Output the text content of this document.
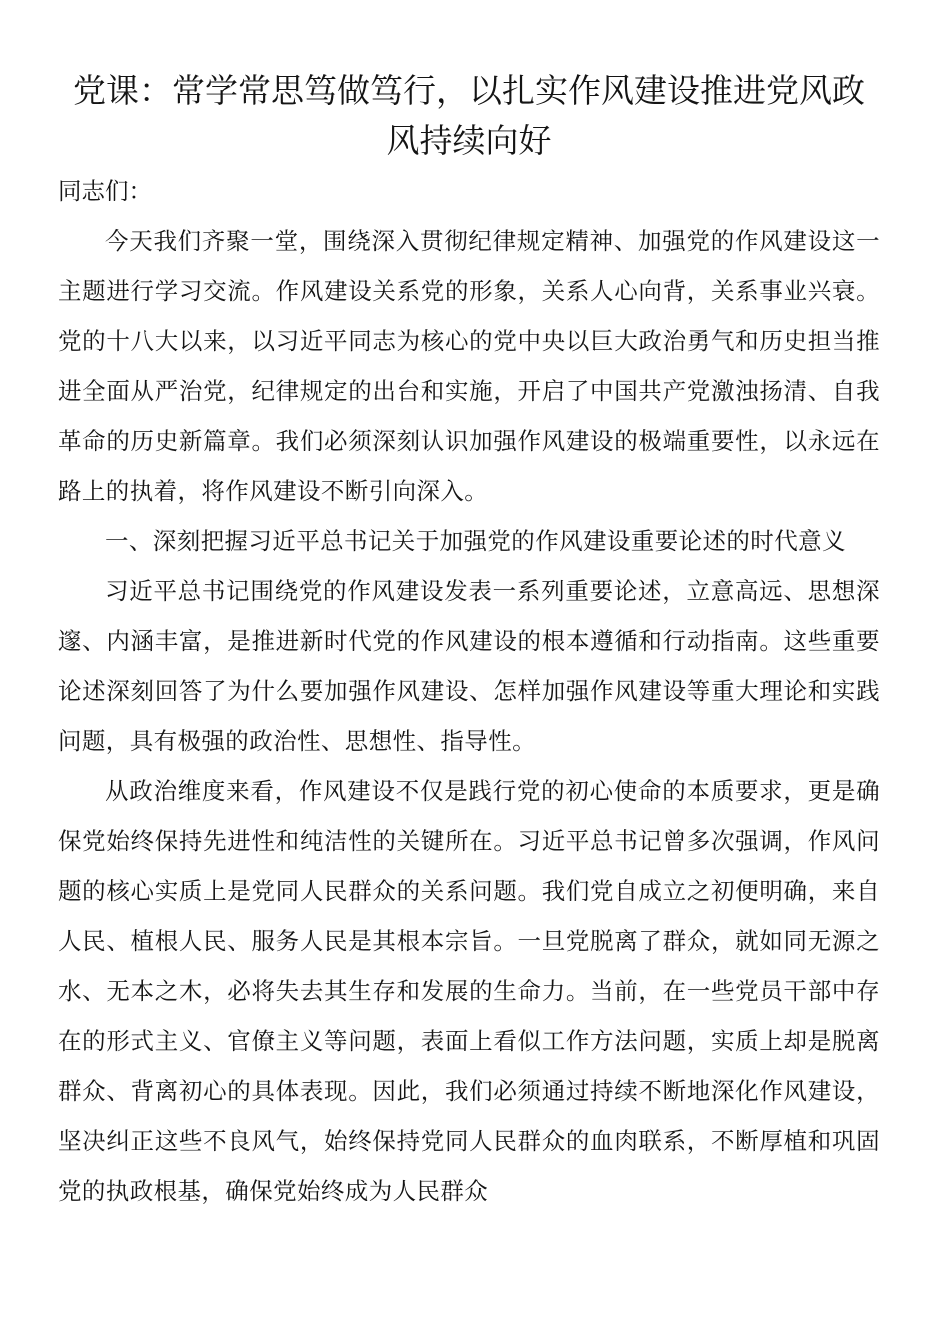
党课：常学常思笃做笃行，以扎实作风建设推进党风政风持续向好

同志们：

今天我们齐聚一堂，围绕深入贯彻纪律规定精神、加强党的作风建设这一主题进行学习交流。作风建设关系党的形象，关系人心向背，关系事业兴衰。党的十八大以来，以习近平同志为核心的党中央以巨大政治勇气和历史担当推进全面从严治党，纪律规定的出台和实施，开启了中国共产党激浊扬清、自我革命的历史新篇章。我们必须深刻认识加强作风建设的极端重要性，以永远在路上的执着，将作风建设不断引向深入。

一、深刻把握习近平总书记关于加强党的作风建设重要论述的时代意义

习近平总书记围绕党的作风建设发表一系列重要论述，立意高远、思想深邃、内涵丰富，是推进新时代党的作风建设的根本遵循和行动指南。这些重要论述深刻回答了为什么要加强作风建设、怎样加强作风建设等重大理论和实践问题，具有极强的政治性、思想性、指导性。

从政治维度来看，作风建设不仅是践行党的初心使命的本质要求，更是确保党始终保持先进性和纯洁性的关键所在。习近平总书记曾多次强调，作风问题的核心实质上是党同人民群众的关系问题。我们党自成立之初便明确，来自人民、植根人民、服务人民是其根本宗旨。一旦党脱离了群众，就如同无源之水、无本之木，必将失去其生存和发展的生命力。当前，在一些党员干部中存在的形式主义、官僚主义等问题，表面上看似工作方法问题，实质上却是脱离群众、背离初心的具体表现。因此，我们必须通过持续不断地深化作风建设，坚决纠正这些不良风气，始终保持党同人民群众的血肉联系，不断厚植和巩固党的执政根基，确保党始终成为人民群众
